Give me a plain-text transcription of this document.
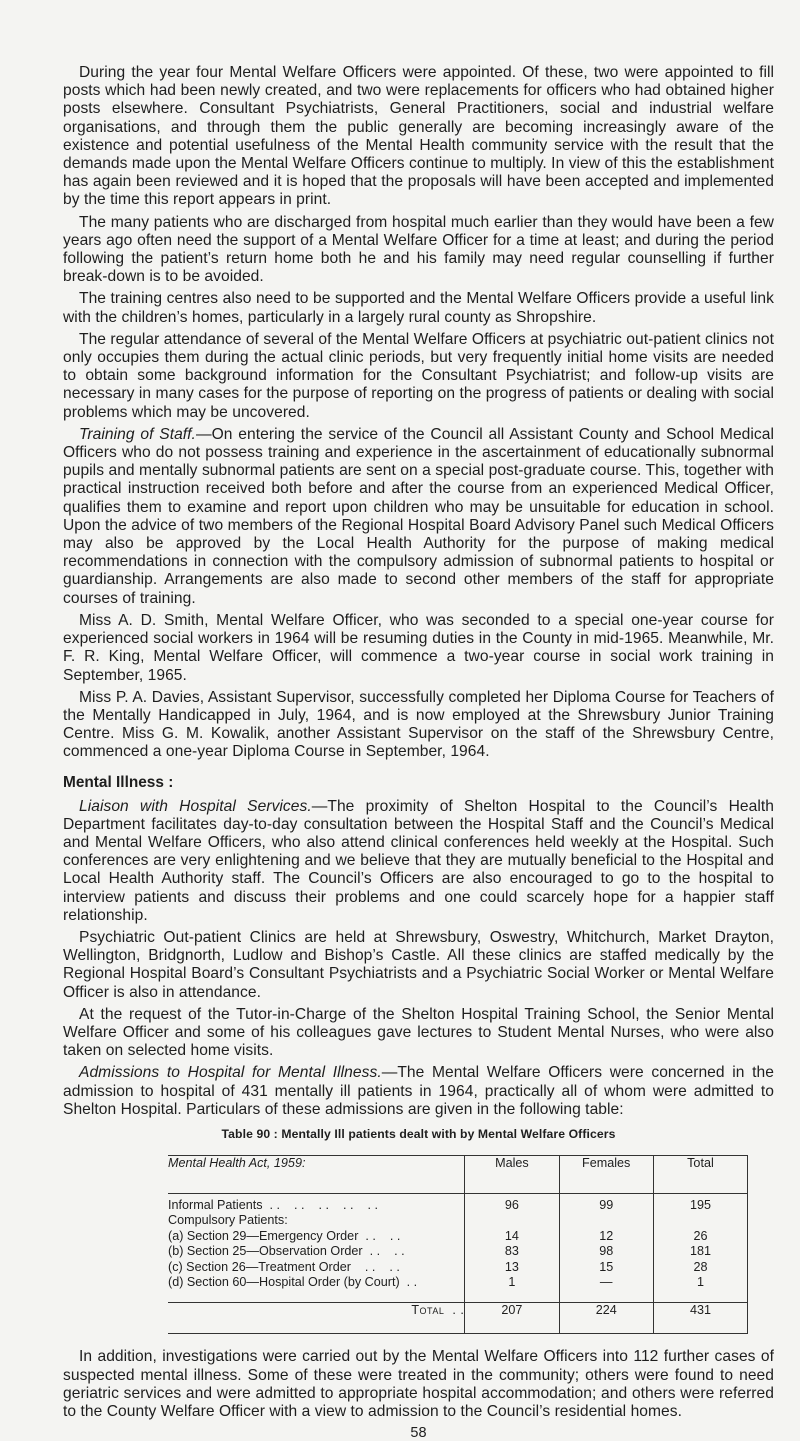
During the year four Mental Welfare Officers were appointed. Of these, two were appointed to fill posts which had been newly created, and two were replacements for officers who had obtained higher posts elsewhere. Consultant Psychiatrists, General Practitioners, social and industrial welfare organisations, and through them the public generally are becoming increasingly aware of the existence and potential usefulness of the Mental Health community service with the result that the demands made upon the Mental Welfare Officers continue to multiply. In view of this the establishment has again been reviewed and it is hoped that the proposals will have been accepted and implemented by the time this report appears in print.

The many patients who are discharged from hospital much earlier than they would have been a few years ago often need the support of a Mental Welfare Officer for a time at least; and during the period following the patient’s return home both he and his family may need regular counselling if further break-down is to be avoided.

The training centres also need to be supported and the Mental Welfare Officers provide a useful link with the children’s homes, particularly in a largely rural county as Shropshire.

The regular attendance of several of the Mental Welfare Officers at psychiatric out-patient clinics not only occupies them during the actual clinic periods, but very frequently initial home visits are needed to obtain some background information for the Consultant Psychiatrist; and follow-up visits are necessary in many cases for the purpose of reporting on the progress of patients or dealing with social problems which may be uncovered.

Training of Staff.—On entering the service of the Council all Assistant County and School Medical Officers who do not possess training and experience in the ascertainment of educationally subnormal pupils and mentally subnormal patients are sent on a special post-graduate course. This, together with practical instruction received both before and after the course from an experienced Medical Officer, qualifies them to examine and report upon children who may be unsuitable for education in school. Upon the advice of two members of the Regional Hospital Board Advisory Panel such Medical Officers may also be approved by the Local Health Authority for the purpose of making medical recommendations in connection with the compulsory admission of subnormal patients to hospital or guardianship. Arrangements are also made to second other members of the staff for appropriate courses of training.

Miss A. D. Smith, Mental Welfare Officer, who was seconded to a special one-year course for experienced social workers in 1964 will be resuming duties in the County in mid-1965. Meanwhile, Mr. F. R. King, Mental Welfare Officer, will commence a two-year course in social work training in September, 1965.

Miss P. A. Davies, Assistant Supervisor, successfully completed her Diploma Course for Teachers of the Mentally Handicapped in July, 1964, and is now employed at the Shrewsbury Junior Training Centre. Miss G. M. Kowalik, another Assistant Supervisor on the staff of the Shrewsbury Centre, commenced a one-year Diploma Course in September, 1964.

Mental Illness :

Liaison with Hospital Services.—The proximity of Shelton Hospital to the Council’s Health Department facilitates day-to-day consultation between the Hospital Staff and the Council’s Medical and Mental Welfare Officers, who also attend clinical conferences held weekly at the Hospital. Such conferences are very enlightening and we believe that they are mutually beneficial to the Hospital and Local Health Authority staff. The Council’s Officers are also encouraged to go to the hospital to interview patients and discuss their problems and one could scarcely hope for a happier staff relationship.

Psychiatric Out-patient Clinics are held at Shrewsbury, Oswestry, Whitchurch, Market Drayton, Wellington, Bridgnorth, Ludlow and Bishop’s Castle. All these clinics are staffed medically by the Regional Hospital Board’s Consultant Psychiatrists and a Psychiatric Social Worker or Mental Welfare Officer is also in attendance.

At the request of the Tutor-in-Charge of the Shelton Hospital Training School, the Senior Mental Welfare Officer and some of his colleagues gave lectures to Student Mental Nurses, who were also taken on selected home visits.

Admissions to Hospital for Mental Illness.—The Mental Welfare Officers were concerned in the admission to hospital of 431 mentally ill patients in 1964, practically all of whom were admitted to Shelton Hospital. Particulars of these admissions are given in the following table:

Table 90 : Mentally Ill patients dealt with by Mental Welfare Officers
Mental Health Act, 1959:	Males	Females	Total
Informal Patients  . .    . .    . .    . .    . .	96	99	195
Compulsory Patients:			
(a) Section 29—Emergency Order  . .    . .	14	12	26
(b) Section 25—Observation Order  . .    . .	83	98	181
(c) Section 26—Treatment Order    . .    . .	13	15	28
(d) Section 60—Hospital Order (by Court)  . .	1	—	1
Total  . .	207	224	431

In addition, investigations were carried out by the Mental Welfare Officers into 112 further cases of suspected mental illness. Some of these were treated in the community; others were found to need geriatric services and were admitted to appropriate hospital accommodation; and others were referred to the County Welfare Officer with a view to admission to the Council’s residential homes.

58
